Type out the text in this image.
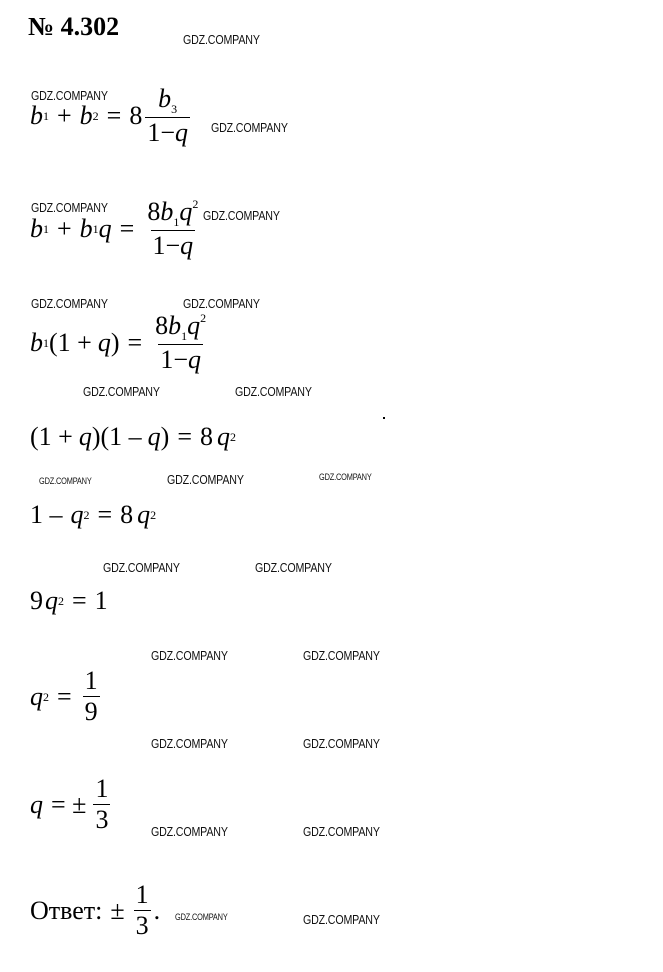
№ 4.302	GDZ.COMPANY
GDZ.COMPANY
GDZ.COMPANY
GDZ.COMPANY
GDZ.COMPANY
GDZ.COMPANY	GDZ.COMPANY
GDZ.COMPANY	GDZ.COMPANY
GDZ.COMPANY	GDZ.COMPANY	GDZ.COMPANY
GDZ.COMPANY	GDZ.COMPANY
GDZ.COMPANY	GDZ.COMPANY
GDZ.COMPANY	GDZ.COMPANY
GDZ.COMPANY	GDZ.COMPANY
GDZ.COMPANY	GDZ.COMPANY
b 1 + b $2 = 8 \frac{b_3}{1-q}$
b 1 + b 1 $q = \frac{8b_1q^2}{1-q}$
b 1 (1 + q ) = $\frac{8b_1q^2}{1-q}$
(1 + q )(1 – q ) = 8 q 2
1 – q 2 = 8 q 2
9 q 2 = 1
q $2 = \frac{1}{9}$
q = ± $\frac{1}{3}$
Ответ: ± $\frac{1}{3}$ .
